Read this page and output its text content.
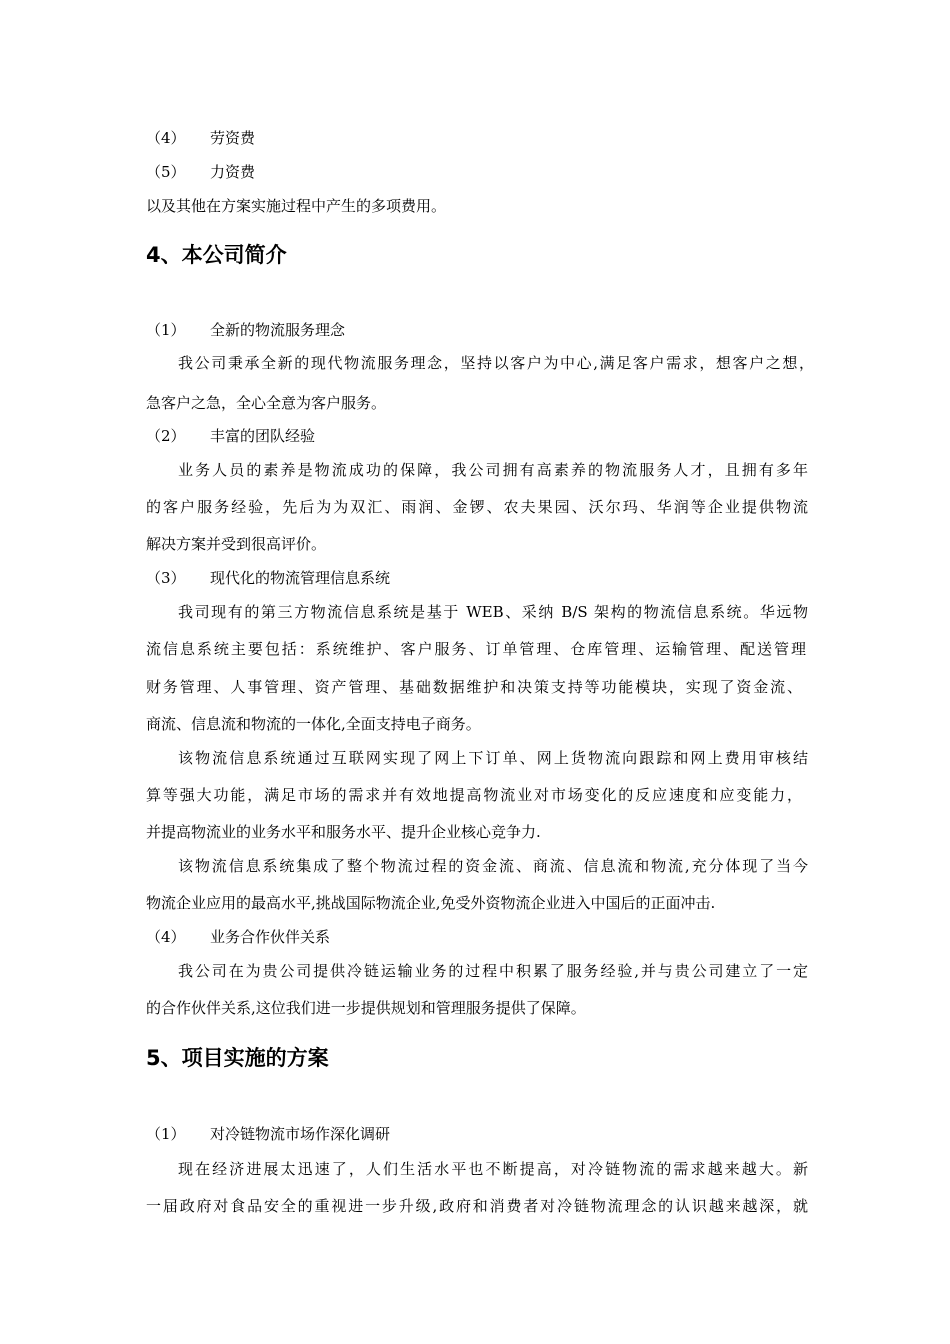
（4） 劳资费
（5） 力资费
以及其他在方案实施过程中产生的多项费用。
4、本公司简介
（1） 全新的物流服务理念
我公司秉承全新的现代物流服务理念，坚持以客户为中心,满足客户需求，想客户之想，
急客户之急，全心全意为客户服务。
（2） 丰富的团队经验
业务人员的素养是物流成功的保障，我公司拥有高素养的物流服务人才，且拥有多年
的客户服务经验，先后为为双汇、雨润、金锣、农夫果园、沃尔玛、华润等企业提供物流
解决方案并受到很高评价。
（3） 现代化的物流管理信息系统
我司现有的第三方物流信息系统是基于 WEB、采纳 B/S 架构的物流信息系统。华远物
流信息系统主要包括：系统维护、客户服务、订单管理、仓库管理、运输管理、配送管理
财务管理、人事管理、资产管理、基础数据维护和决策支持等功能模块，实现了资金流、
商流、信息流和物流的一体化,全面支持电子商务。
该物流信息系统通过互联网实现了网上下订单、网上货物流向跟踪和网上费用审核结
算等强大功能，满足市场的需求并有效地提高物流业对市场变化的反应速度和应变能力，
并提高物流业的业务水平和服务水平、提升企业核心竞争力.
该物流信息系统集成了整个物流过程的资金流、商流、信息流和物流,充分体现了当今
物流企业应用的最高水平,挑战国际物流企业,免受外资物流企业进入中国后的正面冲击.
（4） 业务合作伙伴关系
我公司在为贵公司提供冷链运输业务的过程中积累了服务经验,并与贵公司建立了一定
的合作伙伴关系,这位我们进一步提供规划和管理服务提供了保障。
5、项目实施的方案
（1） 对冷链物流市场作深化调研
现在经济进展太迅速了，人们生活水平也不断提高，对冷链物流的需求越来越大。新
一届政府对食品安全的重视进一步升级,政府和消费者对冷链物流理念的认识越来越深，就
